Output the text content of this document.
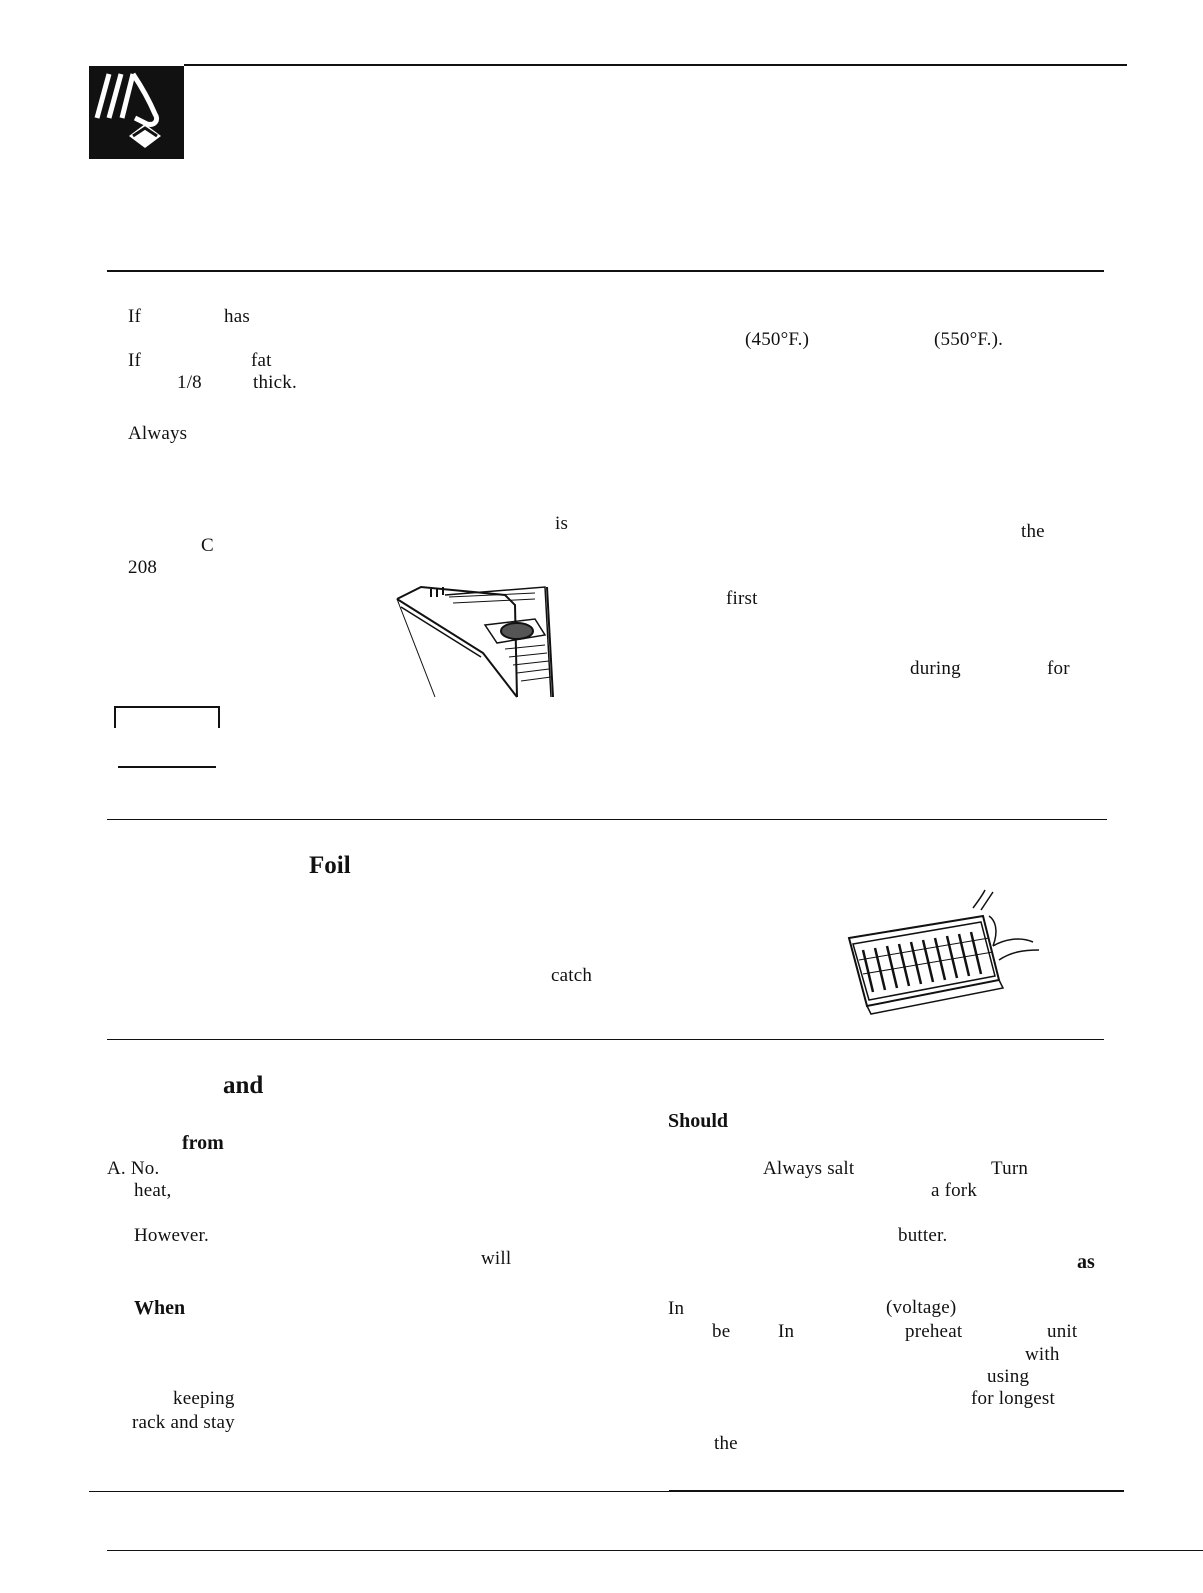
If	has
(450°F.)	(550°F.).
If	fat
1/8	thick.
Always
is	the
C
208
first
during	for
Foil
catch
and
from
A. No.
heat,
However.
will
When
keeping
rack and stay
Should
Always salt	Turn
a fork
butter.
as
In	(voltage)
be	In	preheat	unit
with
using
for longest
the
